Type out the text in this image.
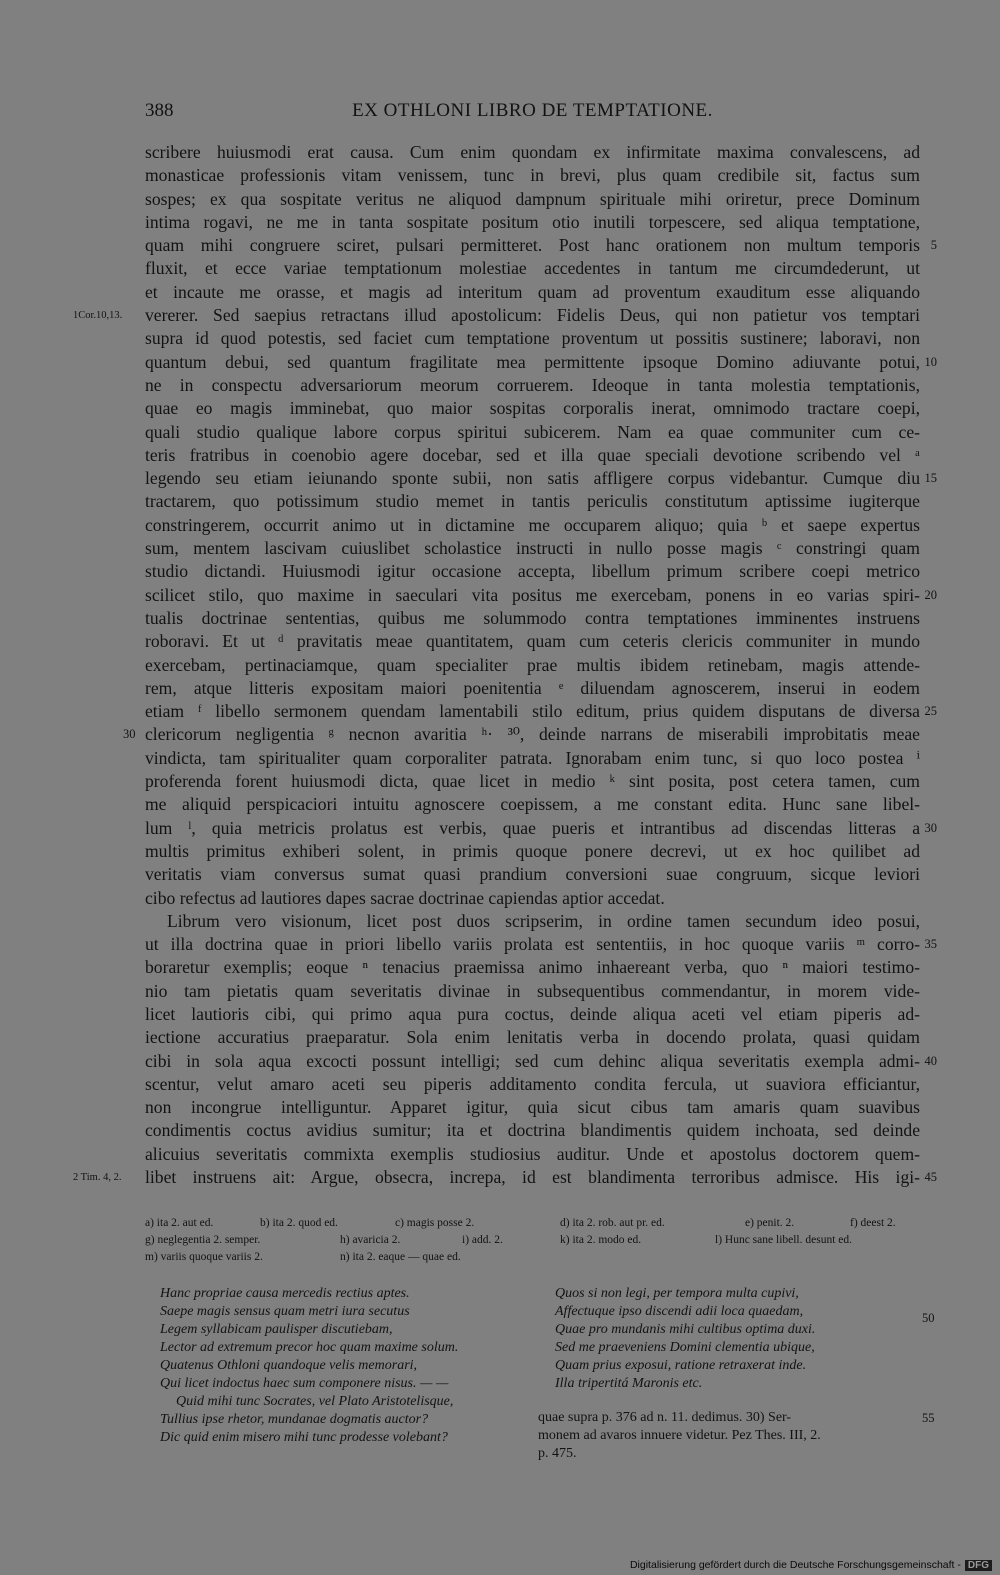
388	EX OTHLONI LIBRO DE TEMPTATIONE.
scribere huiusmodi erat causa. Cum enim quondam ex infirmitate maxima convalescens, ad
monasticae professionis vitam venissem, tunc in brevi, plus quam credibile sit, factus sum
sospes; ex qua sospitate veritus ne aliquod dampnum spirituale mihi oriretur, prece Dominum
intima rogavi, ne me in tanta sospitate positum otio inutili torpescere, sed aliqua temptatione,
quam mihi congruere sciret, pulsari permitteret. Post hanc orationem non multum temporis 5
fluxit, et ecce variae temptationum molestiae accedentes in tantum me circumdederunt, ut
et incaute me orasse, et magis ad interitum quam ad proventum exauditum esse aliquando
vererer. Sed saepius retractans illud apostolicum: Fidelis Deus, qui non patietur vos temptari
1Cor.10,13.
supra id quod potestis, sed faciet cum temptatione proventum ut possitis sustinere; laboravi, non
quantum debui, sed quantum fragilitate mea permittente ipsoque Domino adiuvante potui, 10
ne in conspectu adversariorum meorum corruerem. Ideoque in tanta molestia temptationis,
quae eo magis imminebat, quo maior sospitas corporalis inerat, omnimodo tractare coepi,
quali studio qualique labore corpus spiritui subicerem. Nam ea quae communiter cum ce-
teris fratribus in coenobio agere docebar, sed et illa quae speciali devotione scribendo vel ᵃ
legendo seu etiam ieiunando sponte subii, non satis affligere corpus videbantur. Cumque diu 15
tractarem, quo potissimum studio memet in tantis periculis constitutum aptissime iugiterque
constringerem, occurrit animo ut in dictamine me occuparem aliquo; quia ᵇ et saepe expertus
sum, mentem lascivam cuiuslibet scholastice instructi in nullo posse magis ᶜ constringi quam
studio dictandi. Huiusmodi igitur occasione accepta, libellum primum scribere coepi metrico
scilicet stilo, quo maxime in saeculari vita positus me exercebam, ponens in eo varias spiri- 20
tualis doctrinae sententias, quibus me solummodo contra temptationes imminentes instruens
roboravi. Et ut ᵈ pravitatis meae quantitatem, quam cum ceteris clericis communiter in mundo
exercebam, pertinaciamque, quam specialiter prae multis ibidem retinebam, magis attende-
rem, atque litteris expositam maiori poenitentia ᵉ diluendam agnoscerem, inserui in eodem
etiam ᶠ libello sermonem quendam lamentabili stilo editum, prius quidem disputans de diversa 25
clericorum negligentia ᵍ necnon avaritia ʰ· ³⁰, deinde narrans de miserabili improbitatis meae
30
vindicta, tam spiritualiter quam corporaliter patrata. Ignorabam enim tunc, si quo loco postea ⁱ
proferenda forent huiusmodi dicta, quae licet in medio ᵏ sint posita, post cetera tamen, cum
me aliquid perspicaciori intuitu agnoscere coepissem, a me constant edita. Hunc sane libel-
lum ˡ, quia metricis prolatus est verbis, quae pueris et intrantibus ad discendas litteras a 30
multis primitus exhiberi solent, in primis quoque ponere decrevi, ut ex hoc quilibet ad
veritatis viam conversus sumat quasi prandium conversioni suae congruum, sicque leviori
cibo refectus ad lautiores dapes sacrae doctrinae capiendas aptior accedat.
Librum vero visionum, licet post duos scripserim, in ordine tamen secundum ideo posui,
ut illa doctrina quae in priori libello variis prolata est sententiis, in hoc quoque variis ᵐ corro- 35
boraretur exemplis; eoque ⁿ tenacius praemissa animo inhaereant verba, quo ⁿ maiori testimo-
nio tam pietatis quam severitatis divinae in subsequentibus commendantur, in morem vide-
licet lautioris cibi, qui primo aqua pura coctus, deinde aliqua aceti vel etiam piperis ad-
iectione accuratius praeparatur. Sola enim lenitatis verba in docendo prolata, quasi quidam
cibi in sola aqua excocti possunt intelligi; sed cum dehinc aliqua severitatis exempla admi- 40
scentur, velut amaro aceti seu piperis additamento condita fercula, ut suaviora efficiantur,
non incongrue intelliguntur. Apparet igitur, quia sicut cibus tam amaris quam suavibus
condimentis coctus avidius sumitur; ita et doctrina blandimentis quidem inchoata, sed deinde
alicuius severitatis commixta exemplis studiosius auditur. Unde et apostolus doctorem quem-
libet instruens ait: Argue, obsecra, increpa, id est blandimenta terroribus admisce. His igi- 45
2 Tim. 4, 2.
a) ita 2. aut ed.	b) ita 2. quod ed.	c) magis posse 2.	d) ita 2. rob. aut pr. ed.	e) penit. 2.	f) deest 2.
g) neglegentia 2. semper.	h) avaricia 2.	i) add. 2.	k) ita 2. modo ed.	l) Hunc sane libell. desunt ed.
m) variis quoque variis 2.	n) ita 2. eaque — quae ed.
Hanc propriae causa mercedis rectius aptes.
Saepe magis sensus quam metri iura secutus
Legem syllabicam paulisper discutiebam,
Lector ad extremum precor hoc quam maxime solum.
Quatenus Othloni quandoque velis memorari,
Qui licet indoctus haec sum componere nisus. — —
Quid mihi tunc Socrates, vel Plato Aristotelisque,
Tullius ipse rhetor, mundanae dogmatis auctor?
Dic quid enim misero mihi tunc prodesse volebant?
Quos si non legi, per tempora multa cupivi,
Affectuque ipso discendi adii loca quaedam,
Quae pro mundanis mihi cultibus optima duxi.
Sed me praeveniens Domini clementia ubique,
Quam prius exposui, ratione retraxerat inde.
Illa tripertitá Maronis etc.
quae supra p. 376 ad n. 11. dedimus. 30) Ser-
monem ad avaros innuere videtur. Pez Thes. III, 2.
p. 475.
50
55
Digitalisierung gefördert durch die Deutsche Forschungsgemeinschaft - DFG
